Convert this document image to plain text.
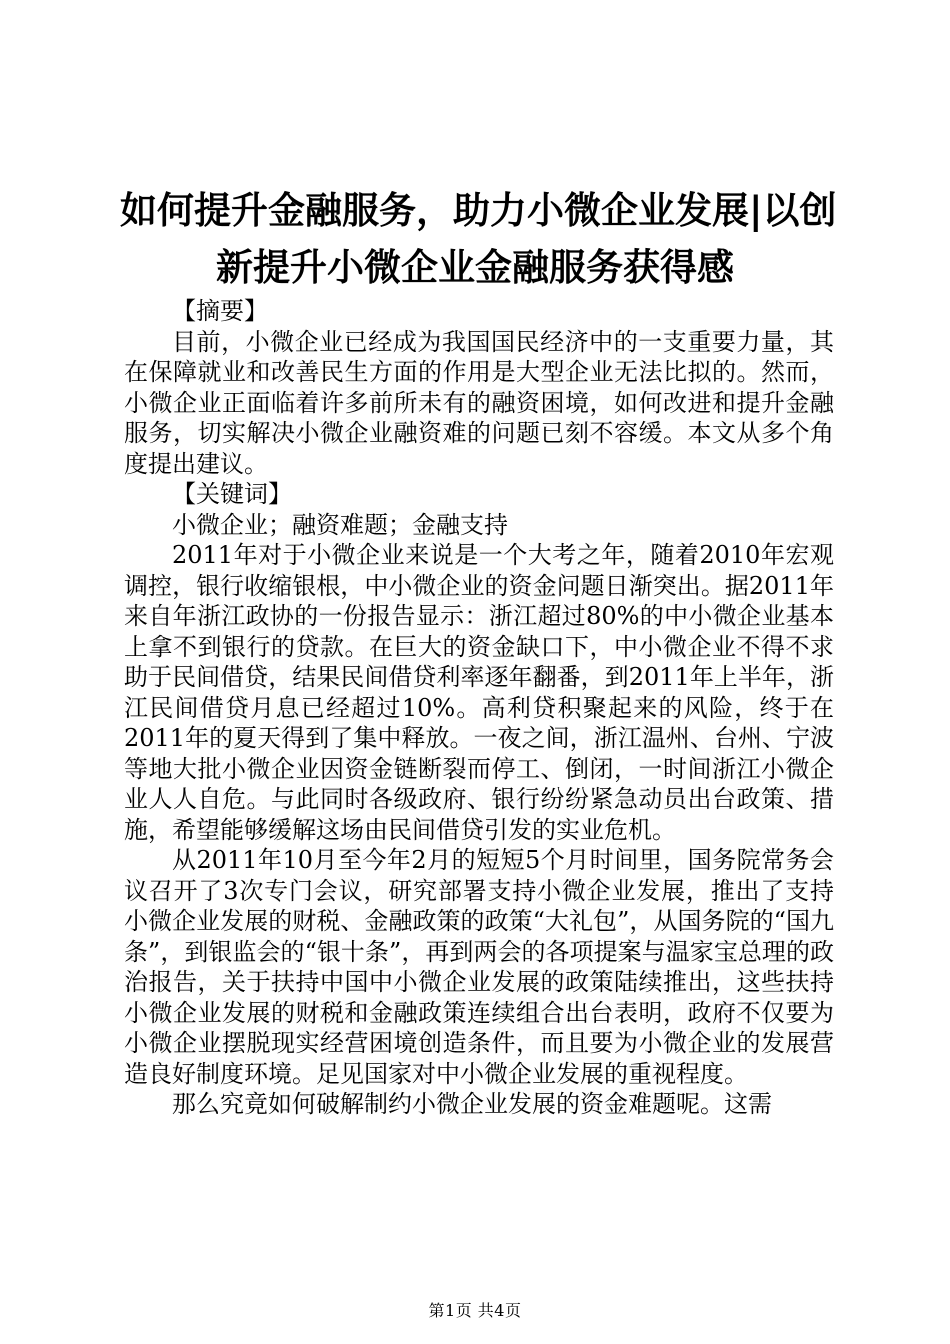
如何提升金融服务，助力小微企业发展|以创
新提升小微企业金融服务获得感

【摘要】

目前，小微企业已经成为我国国民经济中的一支重要力量，其在保障就业和改善民生方面的作用是大型企业无法比拟的。然而，小微企业正面临着许多前所未有的融资困境，如何改进和提升金融服务，切实解决小微企业融资难的问题已刻不容缓。本文从多个角度提出建议。

【关键词】

小微企业；融资难题；金融支持

2011年对于小微企业来说是一个大考之年，随着2010年宏观调控，银行收缩银根，中小微企业的资金问题日渐突出。据2011年来自年浙江政协的一份报告显示：浙江超过80%的中小微企业基本上拿不到银行的贷款。在巨大的资金缺口下，中小微企业不得不求助于民间借贷，结果民间借贷利率逐年翻番，到2011年上半年，浙江民间借贷月息已经超过10%。高利贷积聚起来的风险，终于在2011年的夏天得到了集中释放。一夜之间，浙江温州、台州、宁波等地大批小微企业因资金链断裂而停工、倒闭，一时间浙江小微企业人人自危。与此同时各级政府、银行纷纷紧急动员出台政策、措施，希望能够缓解这场由民间借贷引发的实业危机。

从2011年10月至今年2月的短短5个月时间里，国务院常务会议召开了3次专门会议，研究部署支持小微企业发展，推出了支持小微企业发展的财税、金融政策的政策“大礼包”，从国务院的“国九条”，到银监会的“银十条”，再到两会的各项提案与温家宝总理的政治报告，关于扶持中国中小微企业发展的政策陆续推出，这些扶持小微企业发展的财税和金融政策连续组合出台表明，政府不仅要为小微企业摆脱现实经营困境创造条件，而且要为小微企业的发展营造良好制度环境。足见国家对中小微企业发展的重视程度。

那么究竟如何破解制约小微企业发展的资金难题呢。这需

第1页 共4页
